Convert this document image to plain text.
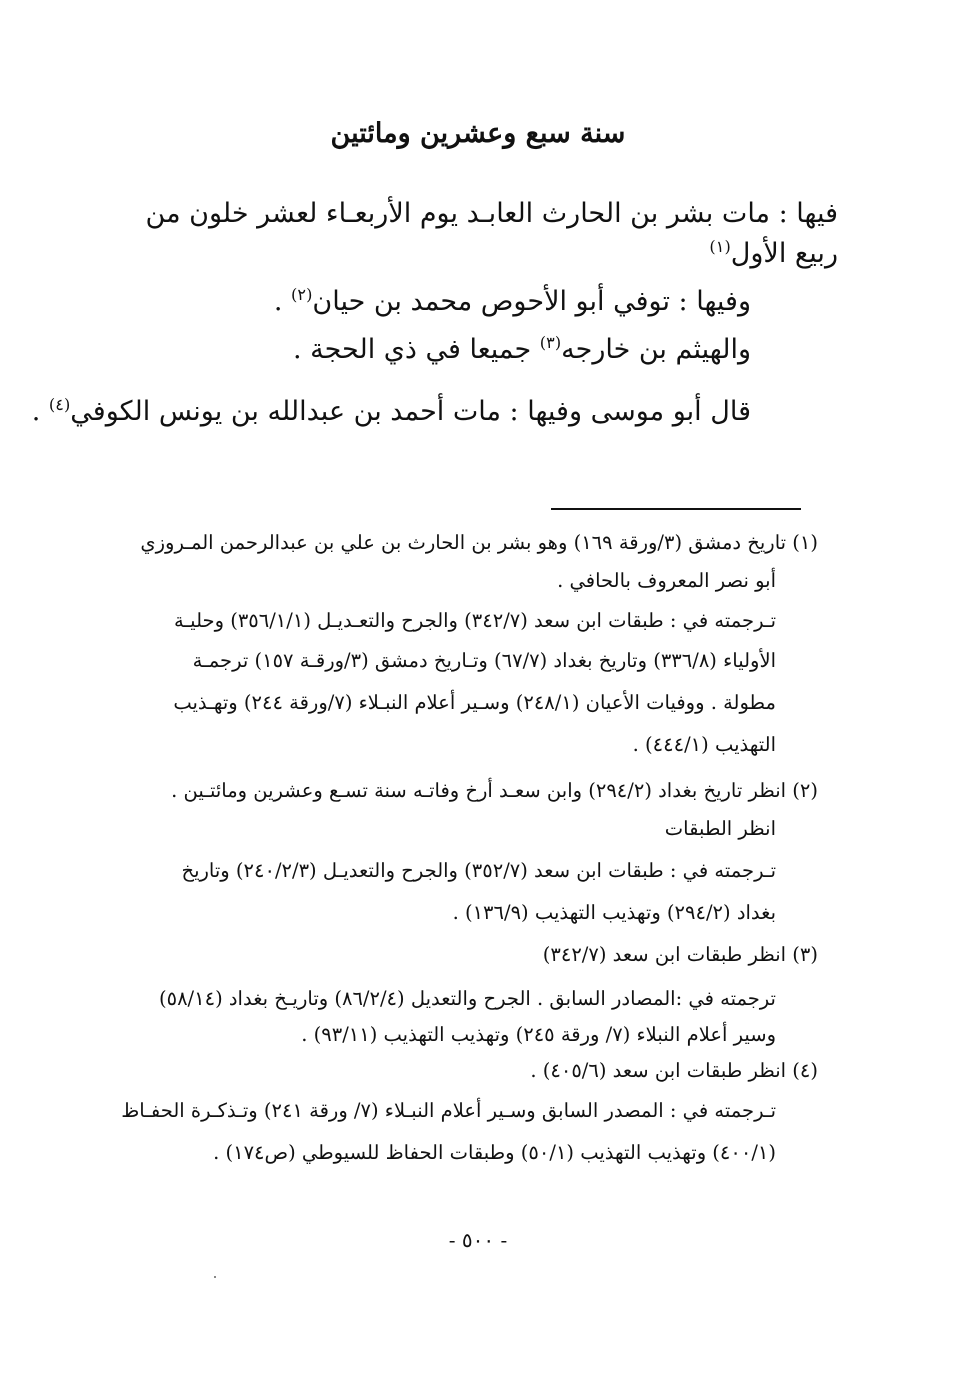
سنة سبع وعشرين ومائتين
فيها : مات بشر بن الحارث العابـد يوم الأربعـاء لعشر خلون من
ربيع الأول$^{(١)}$
وفيها : توفي أبو الأحوص محمد بن حيان$^{(٢)}$ .
والهيثم بن خارجه$^{(٣)}$ جميعا في ذي الحجة .
قال أبو موسى وفيها : مات أحمد بن عبدالله بن يونس الكوفي$^{(٤)}$ .
(١) تاريخ دمشق (٣/ورقة ١٦٩) وهو بشر بن الحارث بن علي بن عبدالرحمن المـروزي
أبو نصر المعروف بالحافي .
تـرجمته في : طبقات ابن سعد (٣٤٢/٧) والجرح والتعـديـل (٣٥٦/١/١) وحليـة
الأولياء (٣٣٦/٨) وتاريخ بغداد (٦٧/٧) وتـاريخ دمشق (٣/ورقـة ١٥٧) ترجمـة
مطولة . ووفيات الأعيان (٢٤٨/١) وسـير أعلام النبـلاء (٧/ورقة ٢٤٤) وتهـذيب
التهذيب (٤٤٤/١) .
(٢) انظر تاريخ بغداد (٢٩٤/٢) وابن سعـد أرخ وفاتـه سنة تسـع وعشرين ومائتـين .
انظر الطبقات
تـرجمته في : طبقات ابن سعد (٣٥٢/٧) والجرح والتعديـل (٢٤٠/٢/٣) وتاريخ
بغداد (٢٩٤/٢) وتهذيب التهذيب (١٣٦/٩) .
(٣) انظر طبقات ابن سعد (٣٤٢/٧)
ترجمته في :المصادر السابق . الجرح والتعديل (٨٦/٢/٤) وتاريـخ بغداد (٥٨/١٤)
وسير أعلام النبلاء (٧/ ورقة ٢٤٥) وتهذيب التهذيب (٩٣/١١) .
(٤) انظر طبقات ابن سعد (٤٠٥/٦) .
تـرجمته في : المصدر السابق وسـير أعلام النبـلاء (٧/ ورقة ٢٤١) وتـذكـرة الحفـاظ
(٤٠٠/١) وتهذيب التهذيب (٥٠/١) وطبقات الحفاظ للسيوطي (ص١٧٤) .
- ٥٠٠ -
